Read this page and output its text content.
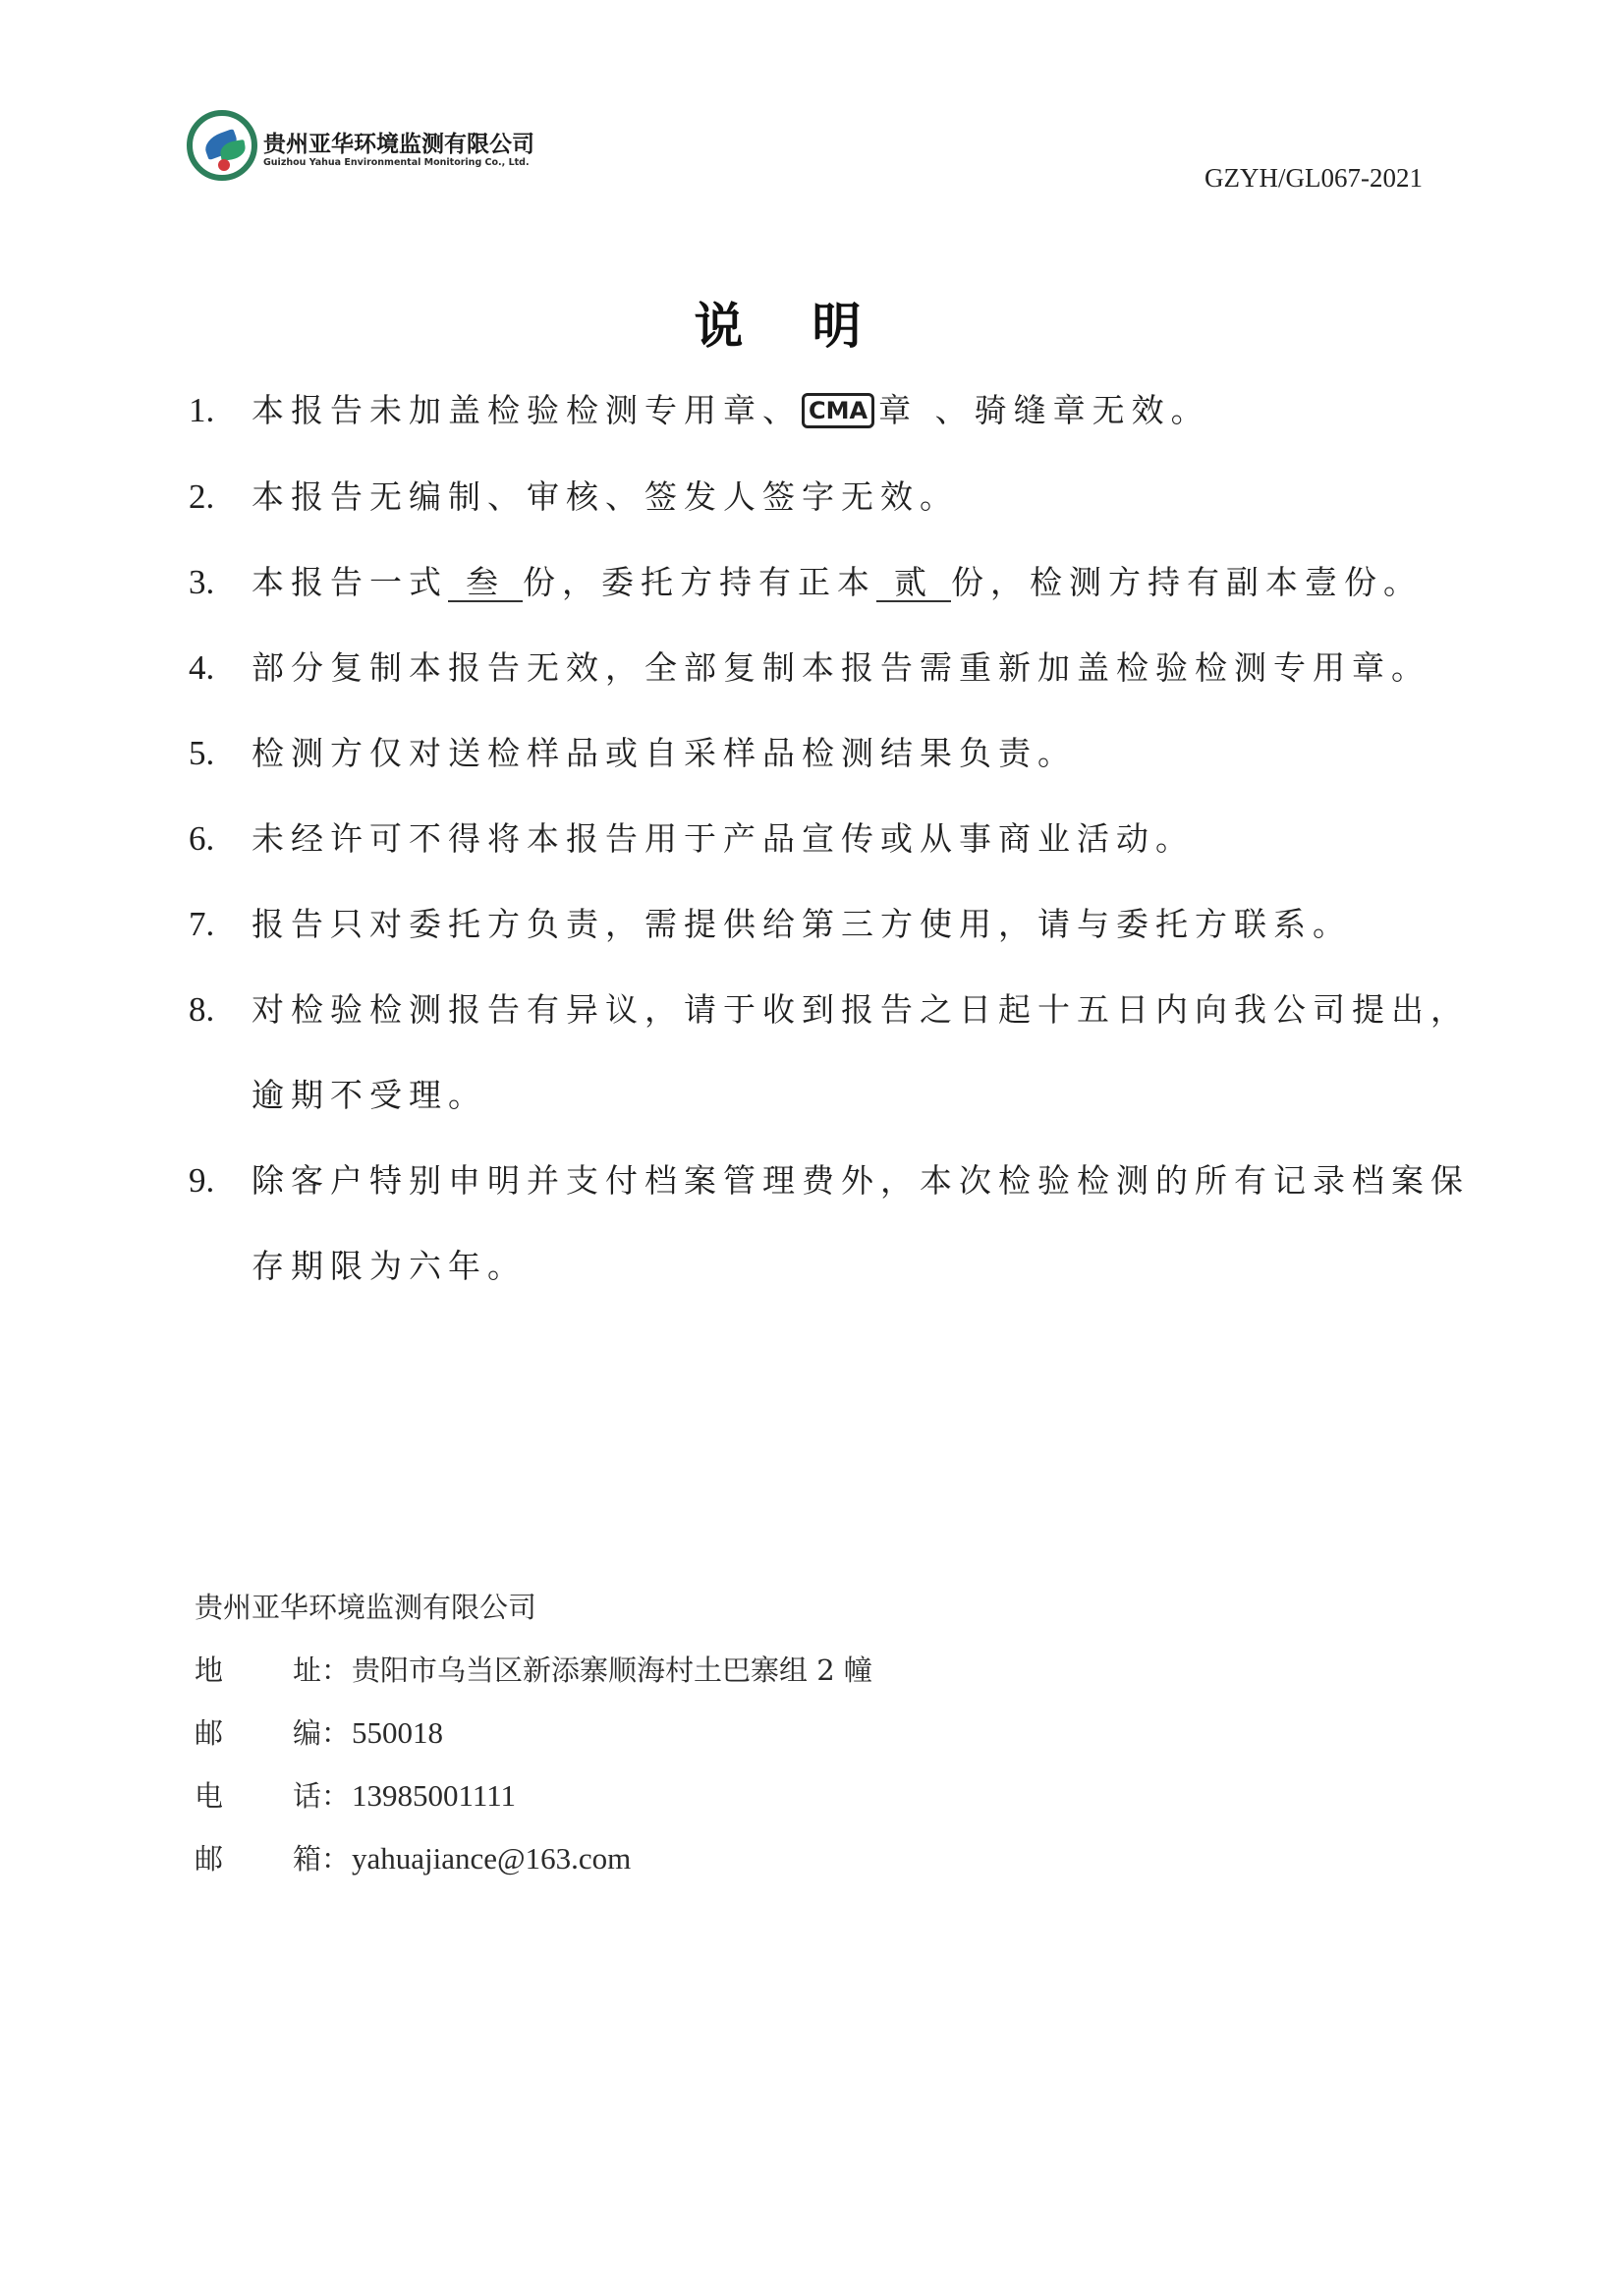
贵州亚华环境监测有限公司
Guizhou Yahua Environmental Monitoring Co., Ltd.
GZYH/GL067-2021
说明
1. 本报告未加盖检验检测专用章、 CMA 章 、骑缝章无效。
2. 本报告无编制、审核、签发人签字无效。
3. 本报告一式 叁 份，委托方持有正本 贰 份，检测方持有副本壹份。
4. 部分复制本报告无效，全部复制本报告需重新加盖检验检测专用章。
5. 检测方仅对送检样品或自采样品检测结果负责。
6. 未经许可不得将本报告用于产品宣传或从事商业活动。
7. 报告只对委托方负责，需提供给第三方使用，请与委托方联系。
8. 对检验检测报告有异议，请于收到报告之日起十五日内向我公司提出，
逾期不受理。
9. 除客户特别申明并支付档案管理费外，本次检验检测的所有记录档案保
存期限为六年。
贵州亚华环境监测有限公司
地 址：贵阳市乌当区新添寨顺海村土巴寨组 2 幢
邮 编：550018
电 话：13985001111
邮 箱：yahuajiance@163.com
